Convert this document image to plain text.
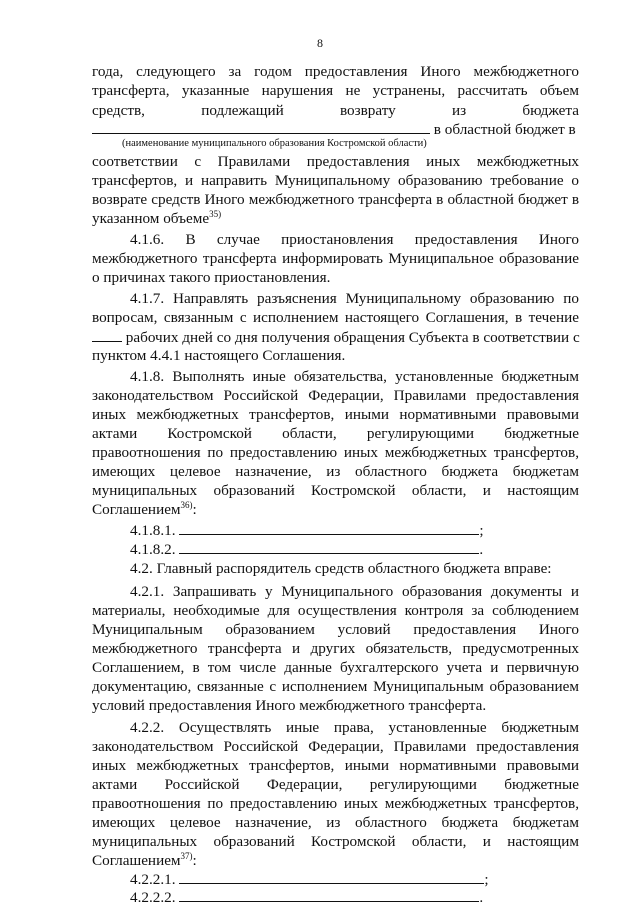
8
года, следующего за годом предоставления Иного межбюджетного
трансферта, указанные нарушения не устранены, рассчитать объем
средств, подлежащий возврату из бюджета
в областной бюджет в
(наименование муниципального образования Костромской области)
соответствии с Правилами предоставления иных межбюджетных
трансфертов, и направить Муниципальному образованию требование о
возврате средств Иного межбюджетного трансферта в областной бюджет в
указанном объеме$^{35)}$
4.1.6. В случае приостановления предоставления Иного
межбюджетного трансферта информировать Муниципальное образование
о причинах такого приостановления.
4.1.7. Направлять разъяснения Муниципальному образованию по
вопросам, связанным с исполнением настоящего Соглашения, в течение
рабочих дней со дня получения обращения Субъекта в соответствии с
пунктом 4.4.1 настоящего Соглашения.
4.1.8. Выполнять иные обязательства, установленные бюджетным
законодательством Российской Федерации, Правилами предоставления
иных межбюджетных трансфертов, иными нормативными правовыми
актами Костромской области, регулирующими бюджетные
правоотношения по предоставлению иных межбюджетных трансфертов,
имеющих целевое назначение, из областного бюджета бюджетам
муниципальных образований Костромской области, и настоящим
Соглашением$^{36)}$:
4.1.8.1.	;
4.1.8.2.	.
4.2. Главный распорядитель средств областного бюджета вправе:
4.2.1. Запрашивать у Муниципального образования документы и
материалы, необходимые для осуществления контроля за соблюдением
Муниципальным образованием условий предоставления Иного
межбюджетного трансферта и других обязательств, предусмотренных
Соглашением, в том числе данные бухгалтерского учета и первичную
документацию, связанные с исполнением Муниципальным образованием
условий предоставления Иного межбюджетного трансферта.
4.2.2. Осуществлять иные права, установленные бюджетным
законодательством Российской Федерации, Правилами предоставления
иных межбюджетных трансфертов, иными нормативными правовыми
актами Российской Федерации, регулирующими бюджетные
правоотношения по предоставлению иных межбюджетных трансфертов,
имеющих целевое назначение, из областного бюджета бюджетам
муниципальных образований Костромской области, и настоящим
Соглашением$^{37)}$:
4.2.2.1.	;
4.2.2.2.	.
